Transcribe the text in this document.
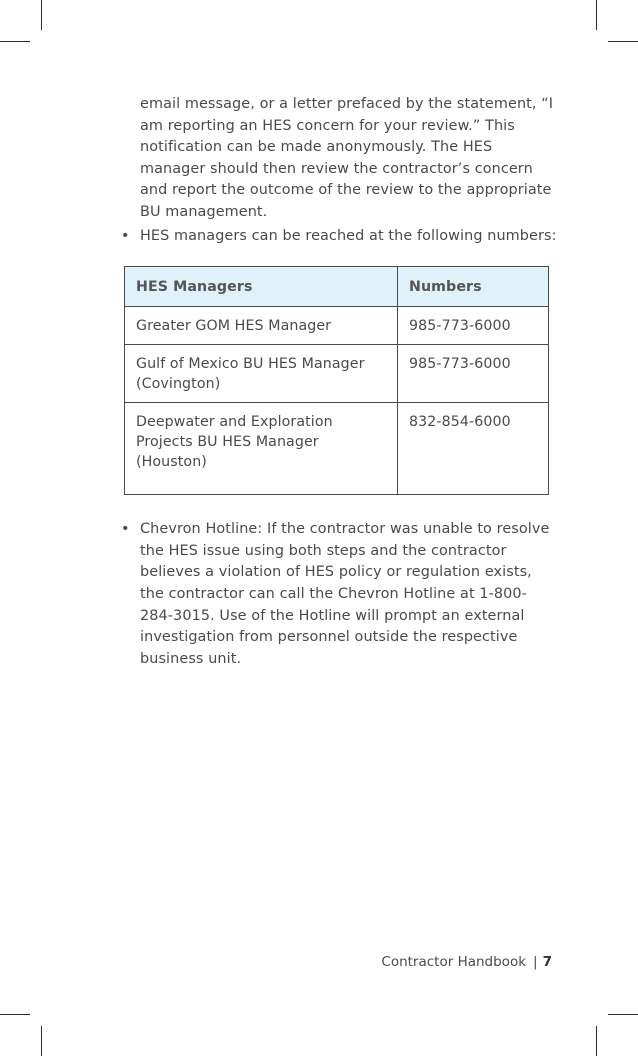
email message, or a letter prefaced by the statement, “I am reporting an HES concern for your review.” This notification can be made anonymously. The HES manager should then review the contractor’s concern and report the outcome of the review to the appropriate BU management.

• HES managers can be reached at the following numbers:
HES Managers	Numbers
Greater GOM HES Manager	985-773-6000
Gulf of Mexico BU HES Manager (Covington)	985-773-6000
Deepwater and Exploration Projects BU HES Manager (Houston)	832-854-6000
• Chevron Hotline: If the contractor was unable to resolve the HES issue using both steps and the contractor believes a violation of HES policy or regulation exists, the contractor can call the Chevron Hotline at 1-800-284-3015. Use of the Hotline will prompt an external investigation from personnel outside the respective business unit.
Contractor Handbook | 7
